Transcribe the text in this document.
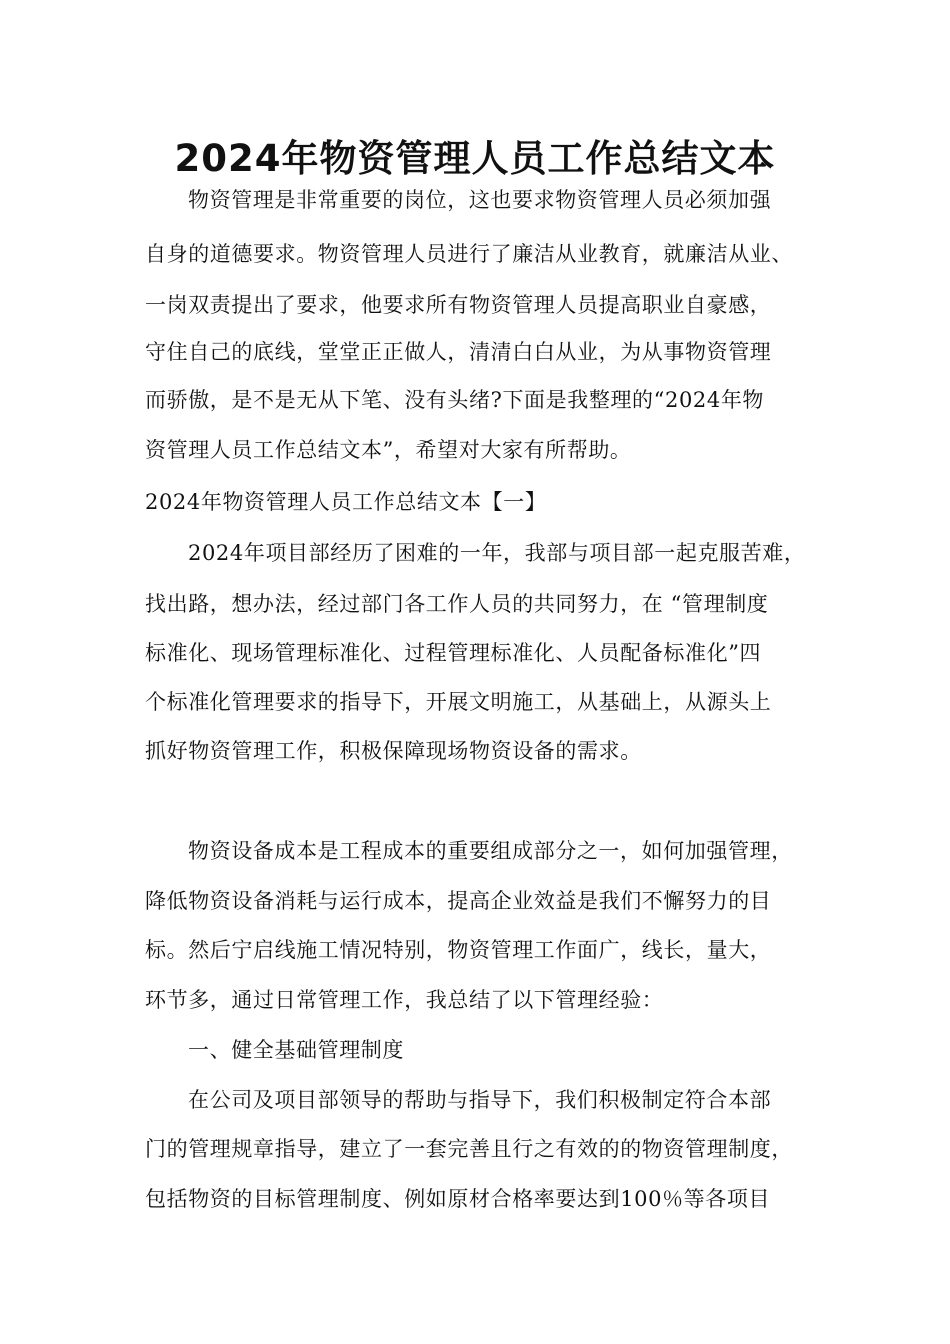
2024年物资管理人员工作总结文本
物资管理是非常重要的岗位，这也要求物资管理人员必须加强
自身的道德要求。物资管理人员进行了廉洁从业教育，就廉洁从业、
一岗双责提出了要求，他要求所有物资管理人员提高职业自豪感，
守住自己的底线，堂堂正正做人，清清白白从业，为从事物资管理
而骄傲，是不是无从下笔、没有头绪?下面是我整理的“2024年物
资管理人员工作总结文本”，希望对大家有所帮助。
2024年物资管理人员工作总结文本【一】
2024年项目部经历了困难的一年，我部与项目部一起克服苦难，
找出路，想办法，经过部门各工作人员的共同努力，在 “管理制度
标准化、现场管理标准化、过程管理标准化、人员配备标准化”四
个标准化管理要求的指导下，开展文明施工，从基础上，从源头上
抓好物资管理工作，积极保障现场物资设备的需求。
物资设备成本是工程成本的重要组成部分之一，如何加强管理，
降低物资设备消耗与运行成本，提高企业效益是我们不懈努力的目
标。然后宁启线施工情况特别，物资管理工作面广，线长，量大，
环节多，通过日常管理工作，我总结了以下管理经验：
一、健全基础管理制度
在公司及项目部领导的帮助与指导下，我们积极制定符合本部
门的管理规章指导，建立了一套完善且行之有效的的物资管理制度，
包括物资的目标管理制度、例如原材合格率要达到100％等各项目
